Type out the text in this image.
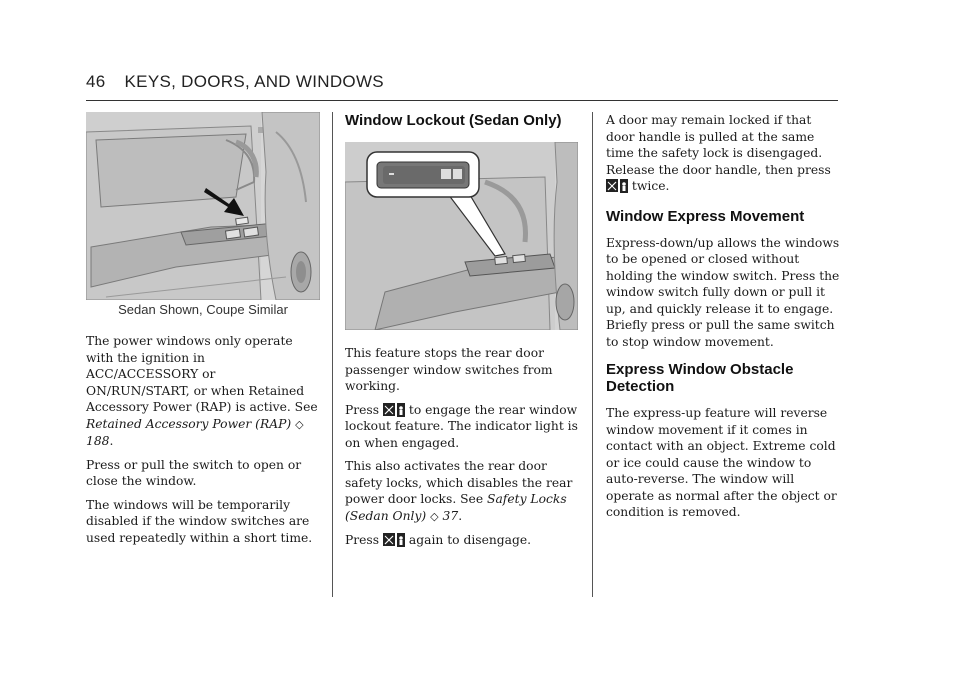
46 KEYS, DOORS, AND WINDOWS
Sedan Shown, Coupe Similar

The power windows only operate with the ignition in ACC/ACCESSORY or ON/RUN/START, or when Retained Accessory Power (RAP) is active. See Retained Accessory Power (RAP) ◇ 188.

Press or pull the switch to open or close the window.

The windows will be temporarily disabled if the window switches are used repeatedly within a short time.

Window Lockout (Sedan Only)

This feature stops the rear door passenger window switches from working.

Press to engage the rear window lockout feature. The indicator light is on when engaged.

This also activates the rear door safety locks, which disables the rear power door locks. See Safety Locks (Sedan Only) ◇ 37.

Press again to disengage.

A door may remain locked if that door handle is pulled at the same time the safety lock is disengaged. Release the door handle, then press  twice.

Window Express Movement

Express-down/up allows the windows to be opened or closed without holding the window switch. Press the window switch fully down or pull it up, and quickly release it to engage. Briefly press or pull the same switch to stop window movement.

Express Window Obstacle Detection

The express-up feature will reverse window movement if it comes in contact with an object. Extreme cold or ice could cause the window to auto-reverse. The window will operate as normal after the object or condition is removed.
